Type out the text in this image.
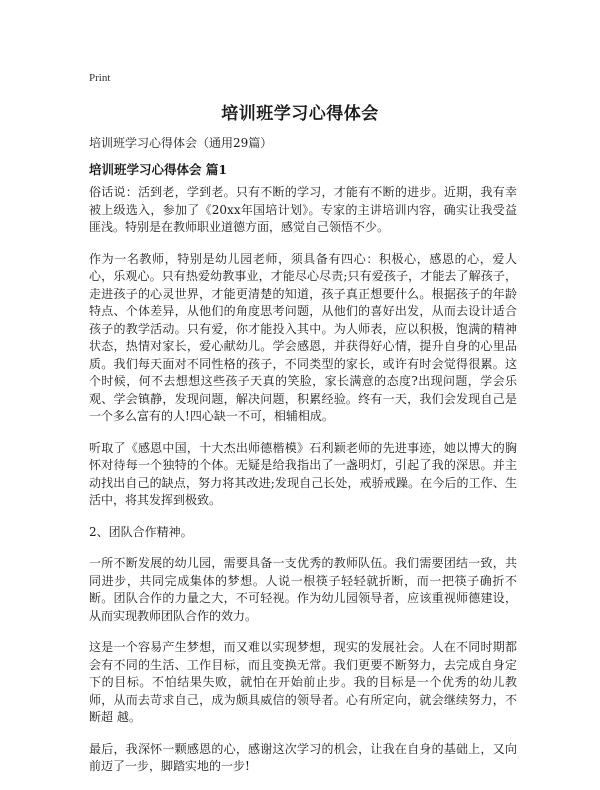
Print
培训班学习心得体会
培训班学习心得体会（通用29篇）
培训班学习心得体会 篇1

俗话说：活到老，学到老。只有不断的学习，才能有不断的进步。近期，我有幸被上级选入，参加了《20xx年国培计划》。专家的主讲培训内容，确实让我受益匪浅。特别是在教师职业道德方面，感觉自己领悟不少。

作为一名教师，特别是幼儿园老师，须具备有四心：积极心，感恩的心，爱人心，乐观心。只有热爱幼教事业，才能尽心尽责;只有爱孩子，才能去了解孩子，走进孩子的心灵世界，才能更清楚的知道，孩子真正想要什么。根据孩子的年龄特点、个体差异，从他们的角度思考问题，从他们的喜好出发，从而去设计适合孩子的教学活动。只有爱，你才能投入其中。为人师表，应以积极，饱满的精神状态，热情对家长，爱心献幼儿。学会感恩，并获得好心情，提升自身的心里品质。我们每天面对不同性格的孩子，不同类型的家长，或许有时会觉得很累。这个时候，何不去想想这些孩子天真的笑脸，家长满意的态度?出现问题，学会乐观、学会镇静，发现问题，解决问题，积累经验。终有一天，我们会发现自己是一个多么富有的人!四心缺一不可，相辅相成。

听取了《感恩中国，十大杰出师德楷模》石利颖老师的先进事迹，她以博大的胸怀对待每一个独特的个体。无疑是给我指出了一盏明灯，引起了我的深思。并主动找出自己的缺点，努力将其改进;发现自己长处，戒骄戒躁。在今后的工作、生活中，将其发挥到极致。

2、团队合作精神。

一所不断发展的幼儿园，需要具备一支优秀的教师队伍。我们需要团结一致，共同进步，共同完成集体的梦想。人说一根筷子轻轻就折断，而一把筷子确折不断。团队合作的力量之大，不可轻视。作为幼儿园领导者，应该重视师德建设，从而实现教师团队合作的效力。

这是一个容易产生梦想，而又难以实现梦想，现实的发展社会。人在不同时期都会有不同的生活、工作目标，而且变换无常。我们更要不断努力，去完成自身定下的目标。不怕结果失败，就怕在开始前止步。我的目标是一个优秀的幼儿教师，从而去苛求自己，成为颇具威信的领导者。心有所定向，就会继续努力，不断超 越。

最后，我深怀一颗感恩的心，感谢这次学习的机会，让我在自身的基础上，又向前迈了一步，脚踏实地的一步!
